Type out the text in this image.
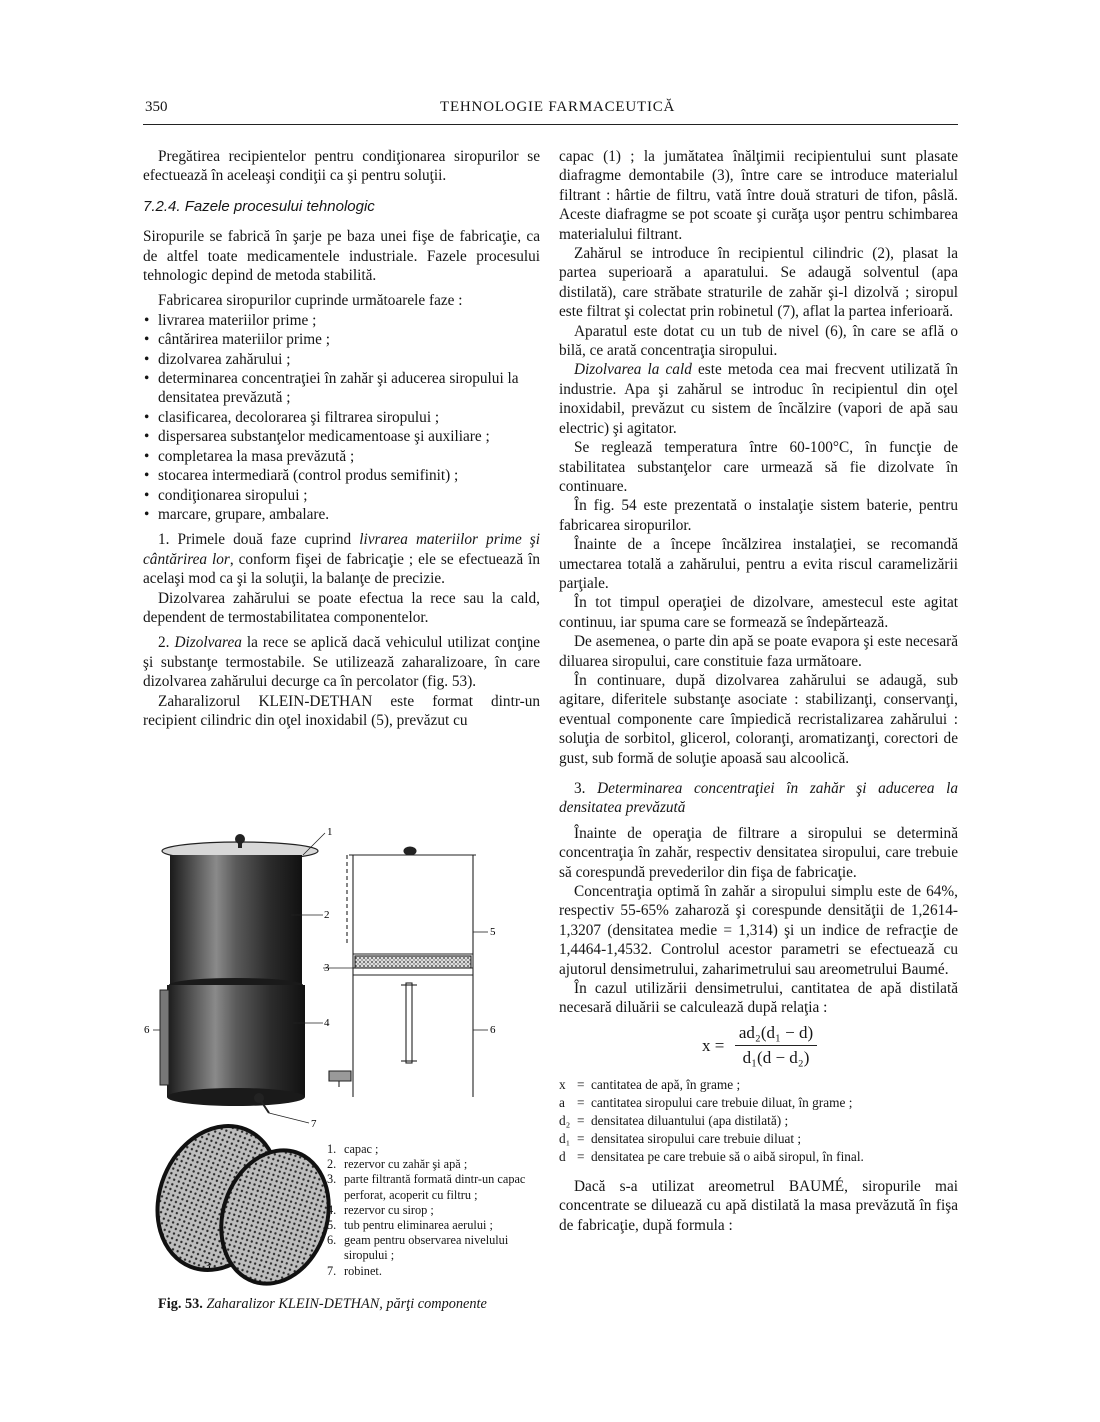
350	TEHNOLOGIE FARMACEUTICĂ

Pregătirea recipientelor pentru condiţionarea siropurilor se efectuează în aceleaşi condiţii ca şi pentru soluţii.

7.2.4. Fazele procesului tehnologic

Siropurile se fabrică în şarje pe baza unei fişe de fabricaţie, ca de altfel toate medicamentele industriale. Fazele procesului tehnologic depind de metoda stabilită.

Fabricarea siropurilor cuprinde următoarele faze :

• livrarea materiilor prime ;
• cântărirea materiilor prime ;
• dizolvarea zahărului ;
• determinarea concentraţiei în zahăr şi aducerea siropului la densitatea prevăzută ;
• clasificarea, decolorarea şi filtrarea siropului ;
• dispersarea substanţelor medicamentoase şi auxiliare ;
• completarea la masa prevăzută ;
• stocarea intermediară (control produs semifinit) ;
• condiţionarea siropului ;
• marcare, grupare, ambalare.

1. Primele două faze cuprind livrarea materiilor prime şi cântărirea lor, conform fişei de fabricaţie ; ele se efectuează în acelaşi mod ca şi la soluţii, la balanţe de precizie.

Dizolvarea zahărului se poate efectua la rece sau la cald, dependent de termostabilitatea componentelor.

2. Dizolvarea la rece se aplică dacă vehiculul utilizat conţine şi substanţe termostabile. Se utilizează zaharalizoare, în care dizolvarea zahărului decurge ca în percolator (fig. 53).

Zaharalizorul KLEIN-DETHAN este format dintr-un recipient cilindric din oţel inoxidabil (5), prevăzut cu

capac (1) ; la jumătatea înălţimii recipientului sunt plasate diafragme demontabile (3), între care se introduce materialul filtrant : hârtie de filtru, vată între două straturi de tifon, pâslă. Aceste diafragme se pot scoate şi curăţa uşor pentru schimbarea materialului filtrant.

Zahărul se introduce în recipientul cilindric (2), plasat la partea superioară a aparatului. Se adaugă solventul (apa distilată), care străbate straturile de zahăr şi-l dizolvă ; siropul este filtrat şi colectat prin robinetul (7), aflat la partea inferioară.

Aparatul este dotat cu un tub de nivel (6), în care se află o bilă, ce arată concentraţia siropului.

Dizolvarea la cald este metoda cea mai frecvent utilizată în industrie. Apa şi zahărul se introduc în recipientul din oţel inoxidabil, prevăzut cu sistem de încălzire (vapori de apă sau electric) şi agitator.

Se reglează temperatura între 60-100°C, în funcţie de stabilitatea substanţelor care urmează să fie dizolvate în continuare.

În fig. 54 este prezentată o instalaţie sistem baterie, pentru fabricarea siropurilor.

Înainte de a începe încălzirea instalaţiei, se recomandă umectarea totală a zahărului, pentru a evita riscul caramelizării parţiale.

În tot timpul operaţiei de dizolvare, amestecul este agitat continuu, iar spuma care se formează se îndepărtează.

De asemenea, o parte din apă se poate evapora şi este necesară diluarea siropului, care constituie faza următoare.

În continuare, după dizolvarea zahărului se adaugă, sub agitare, diferitele substanţe asociate : stabilizanţi, conservanţi, eventual componente care împiedică recristalizarea zahărului : soluţia de sorbitol, glicerol, coloranţi, aromatizanţi, corectori de gust, sub formă de soluţie apoasă sau alcoolică.

3. Determinarea concentraţiei în zahăr şi aducerea la densitatea prevăzută

Înainte de operaţia de filtrare a siropului se determină concentraţia în zahăr, respectiv densitatea siropului, care trebuie să corespundă prevederilor din fişa de fabricaţie.

Concentraţia optimă în zahăr a siropului simplu este de 64%, respectiv 55-65% zaharoză şi corespunde densităţii de 1,2614-1,3207 (densitatea medie = 1,314) şi un indice de refracţie de 1,4464-1,4532. Controlul acestor parametri se efectuează cu ajutorul densimetrului, zaharimetrului sau areometrului Baumé.

În cazul utilizării densimetrului, cantitatea de apă distilată necesară diluării se calculează după relaţia :

x =
ad₂(d₁ − d)
d₁(d − d₂)
x = cantitatea de apă, în grame ;
a = cantitatea siropului care trebuie diluat, în grame ;
d₂ = densitatea diluantului (apa distilată) ;
d₁ = densitatea siropului care trebuie diluat ;
d = densitatea pe care trebuie să o aibă siropul, în final.

Dacă s-a utilizat areometrul BAUMÉ, siropurile mai concentrate se diluează cu apă distilată la masa prevăzută în fişa de fabricaţie, după formula :

1
2
3
4
5
6	6
7
3
1. capac ;
2. rezervor cu zahăr şi apă ;
3. parte filtrantă formată dintr-un capac perforat, acoperit cu filtru ;
4. rezervor cu sirop ;
5. tub pentru eliminarea aerului ;
6. geam pentru observarea nivelului siropului ;
7. robinet.
Fig. 53. Zaharalizor KLEIN-DETHAN, părţi componente
